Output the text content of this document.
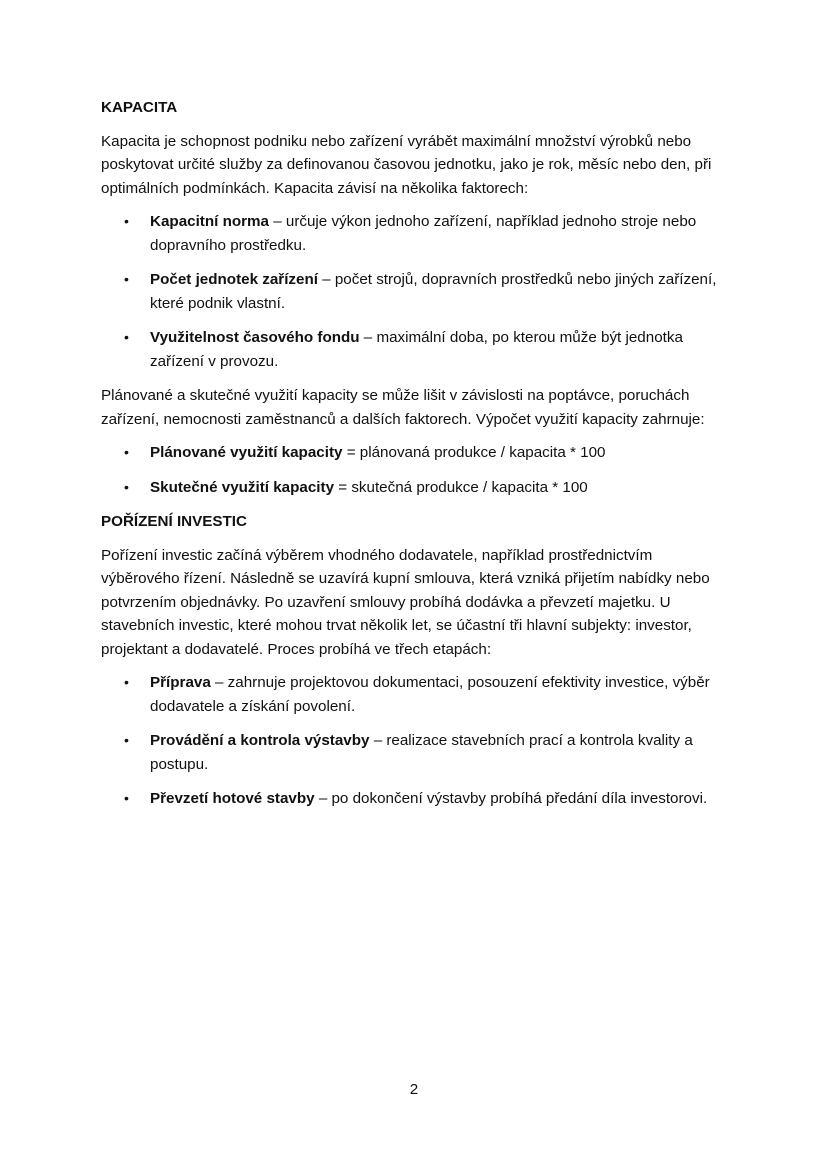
KAPACITA

Kapacita je schopnost podniku nebo zařízení vyrábět maximální množství výrobků nebo poskytovat určité služby za definovanou časovou jednotku, jako je rok, měsíc nebo den, při optimálních podmínkách. Kapacita závisí na několika faktorech:

• Kapacitní norma – určuje výkon jednoho zařízení, například jednoho stroje nebo dopravního prostředku.
• Počet jednotek zařízení – počet strojů, dopravních prostředků nebo jiných zařízení, které podnik vlastní.
• Využitelnost časového fondu – maximální doba, po kterou může být jednotka zařízení v provozu.

Plánované a skutečné využití kapacity se může lišit v závislosti na poptávce, poruchách zařízení, nemocnosti zaměstnanců a dalších faktorech. Výpočet využití kapacity zahrnuje:

• Plánované využití kapacity = plánovaná produkce / kapacita * 100
• Skutečné využití kapacity = skutečná produkce / kapacita * 100
POŘÍZENÍ INVESTIC

Pořízení investic začíná výběrem vhodného dodavatele, například prostřednictvím výběrového řízení. Následně se uzavírá kupní smlouva, která vzniká přijetím nabídky nebo potvrzením objednávky. Po uzavření smlouvy probíhá dodávka a převzetí majetku. U stavebních investic, které mohou trvat několik let, se účastní tři hlavní subjekty: investor, projektant a dodavatelé. Proces probíhá ve třech etapách:

• Příprava – zahrnuje projektovou dokumentaci, posouzení efektivity investice, výběr dodavatele a získání povolení.
• Provádění a kontrola výstavby – realizace stavebních prací a kontrola kvality a postupu.
• Převzetí hotové stavby – po dokončení výstavby probíhá předání díla investorovi.
2
